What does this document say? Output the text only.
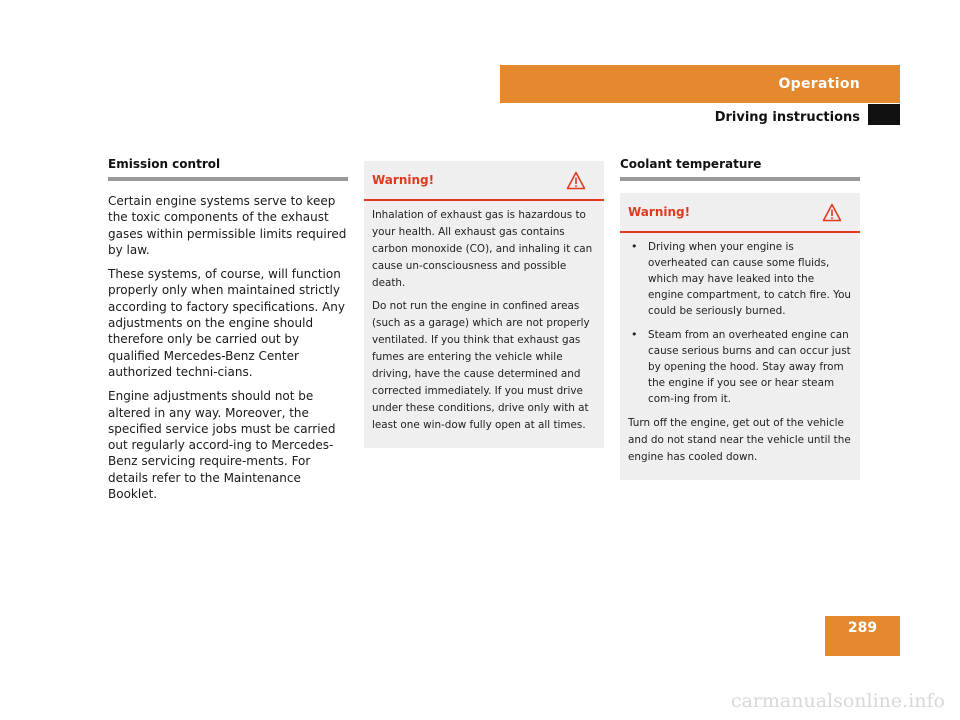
Operation
Driving instructions
Emission control

Certain engine systems serve to keep the toxic components of the exhaust gases within permissible limits required by law.

These systems, of course, will function properly only when maintained strictly according to factory specifications. Any adjustments on the engine should therefore only be carried out by qualified Mercedes-Benz Center authorized techni-cians.

Engine adjustments should not be altered in any way. Moreover, the specified service jobs must be carried out regularly accord-ing to Mercedes-Benz servicing require-ments. For details refer to the Maintenance Booklet.

Warning!

Inhalation of exhaust gas is hazardous to your health. All exhaust gas contains carbon monoxide (CO), and inhaling it can cause un-consciousness and possible death.

Do not run the engine in confined areas (such as a garage) which are not properly ventilated. If you think that exhaust gas fumes are entering the vehicle while driving, have the cause determined and corrected immediately. If you must drive under these conditions, drive only with at least one win-dow fully open at all times.

Coolant temperature
Warning!
• Driving when your engine is overheated can cause some fluids, which may have leaked into the engine compartment, to catch fire. You could be seriously burned.
• Steam from an overheated engine can cause serious burns and can occur just by opening the hood. Stay away from the engine if you see or hear steam com-ing from it.

Turn off the engine, get out of the vehicle and do not stand near the vehicle until the engine has cooled down.

289
carmanualsonline.info
